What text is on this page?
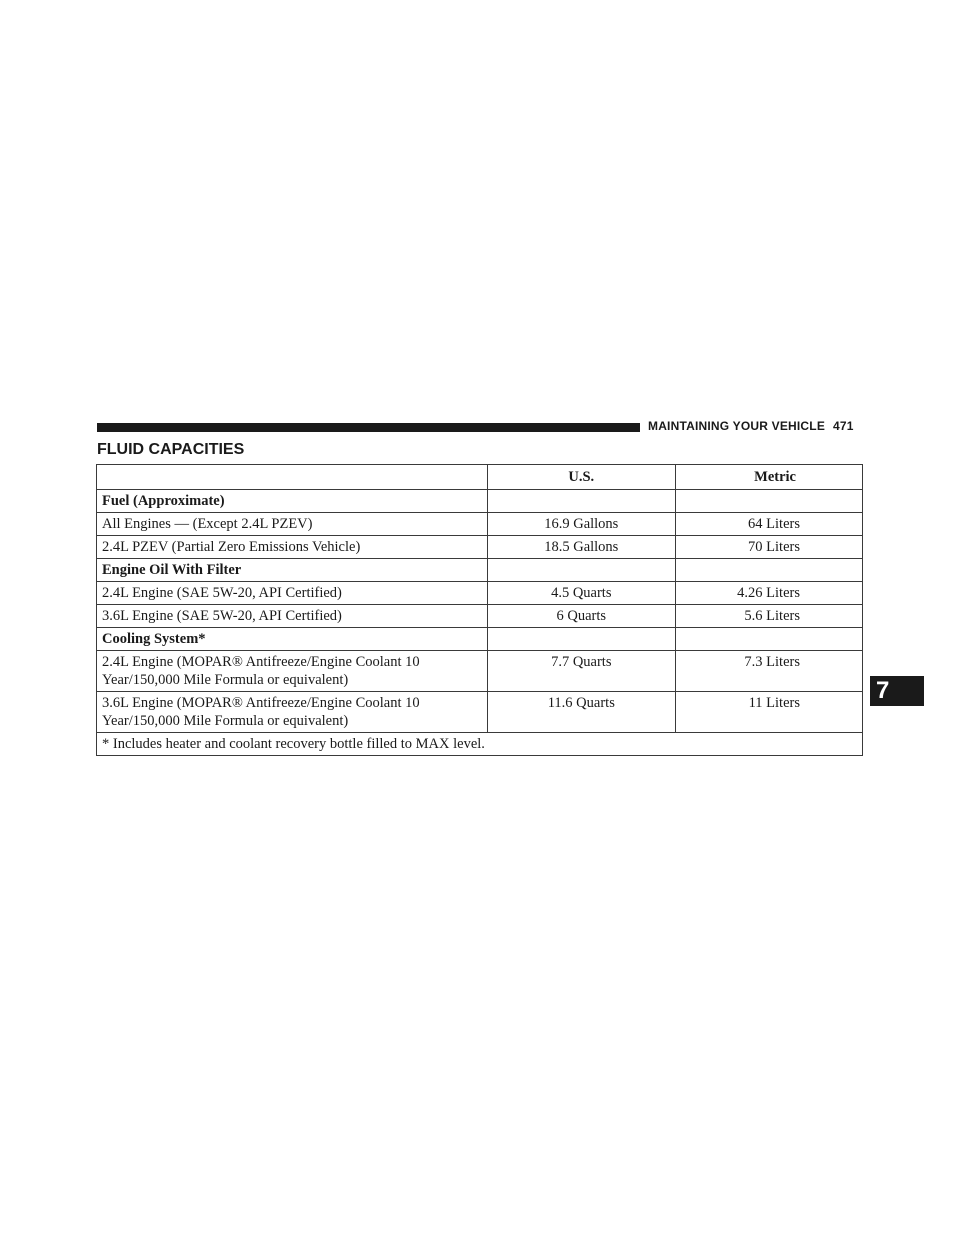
MAINTAINING YOUR VEHICLE 471
FLUID CAPACITIES
	U.S.	Metric
Fuel (Approximate)		
All Engines — (Except 2.4L PZEV)	16.9 Gallons	64 Liters
2.4L PZEV (Partial Zero Emissions Vehicle)	18.5 Gallons	70 Liters
Engine Oil With Filter		
2.4L Engine (SAE 5W-20, API Certified)	4.5 Quarts	4.26 Liters
3.6L Engine (SAE 5W-20, API Certified)	6 Quarts	5.6 Liters
Cooling System*		
2.4L Engine (MOPAR® Antifreeze/Engine Coolant 10 Year/150,000 Mile Formula or equivalent)	7.7 Quarts	7.3 Liters
3.6L Engine (MOPAR® Antifreeze/Engine Coolant 10 Year/150,000 Mile Formula or equivalent)	11.6 Quarts	11 Liters
* Includes heater and coolant recovery bottle filled to MAX level.		
7
